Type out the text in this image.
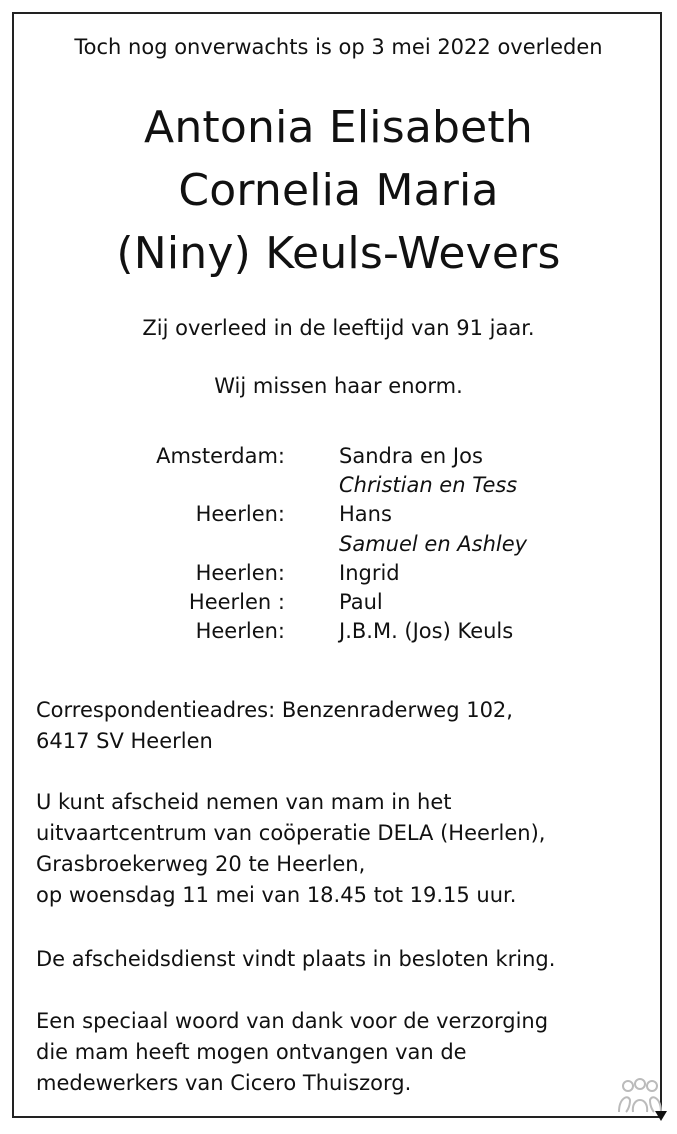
Toch nog onverwachts is op 3 mei 2022 overleden
Antonia Elisabeth
Cornelia Maria
(Niny) Keuls-Wevers
Zij overleed in de leeftijd van 91 jaar.
Wij missen haar enorm.
Amsterdam:	Sandra en Jos
Christian en Tess
Heerlen:	Hans
Samuel en Ashley
Heerlen:	Ingrid
Heerlen :	Paul
Heerlen:	J.B.M. (Jos) Keuls
Correspondentieadres: Benzenraderweg 102,
6417 SV Heerlen
U kunt afscheid nemen van mam in het
uitvaartcentrum van coöperatie DELA (Heerlen),
Grasbroekerweg 20 te Heerlen,
op woensdag 11 mei van 18.45 tot 19.15 uur.
De afscheidsdienst vindt plaats in besloten kring.
Een speciaal woord van dank voor de verzorging
die mam heeft mogen ontvangen van de
medewerkers van Cicero Thuiszorg.
